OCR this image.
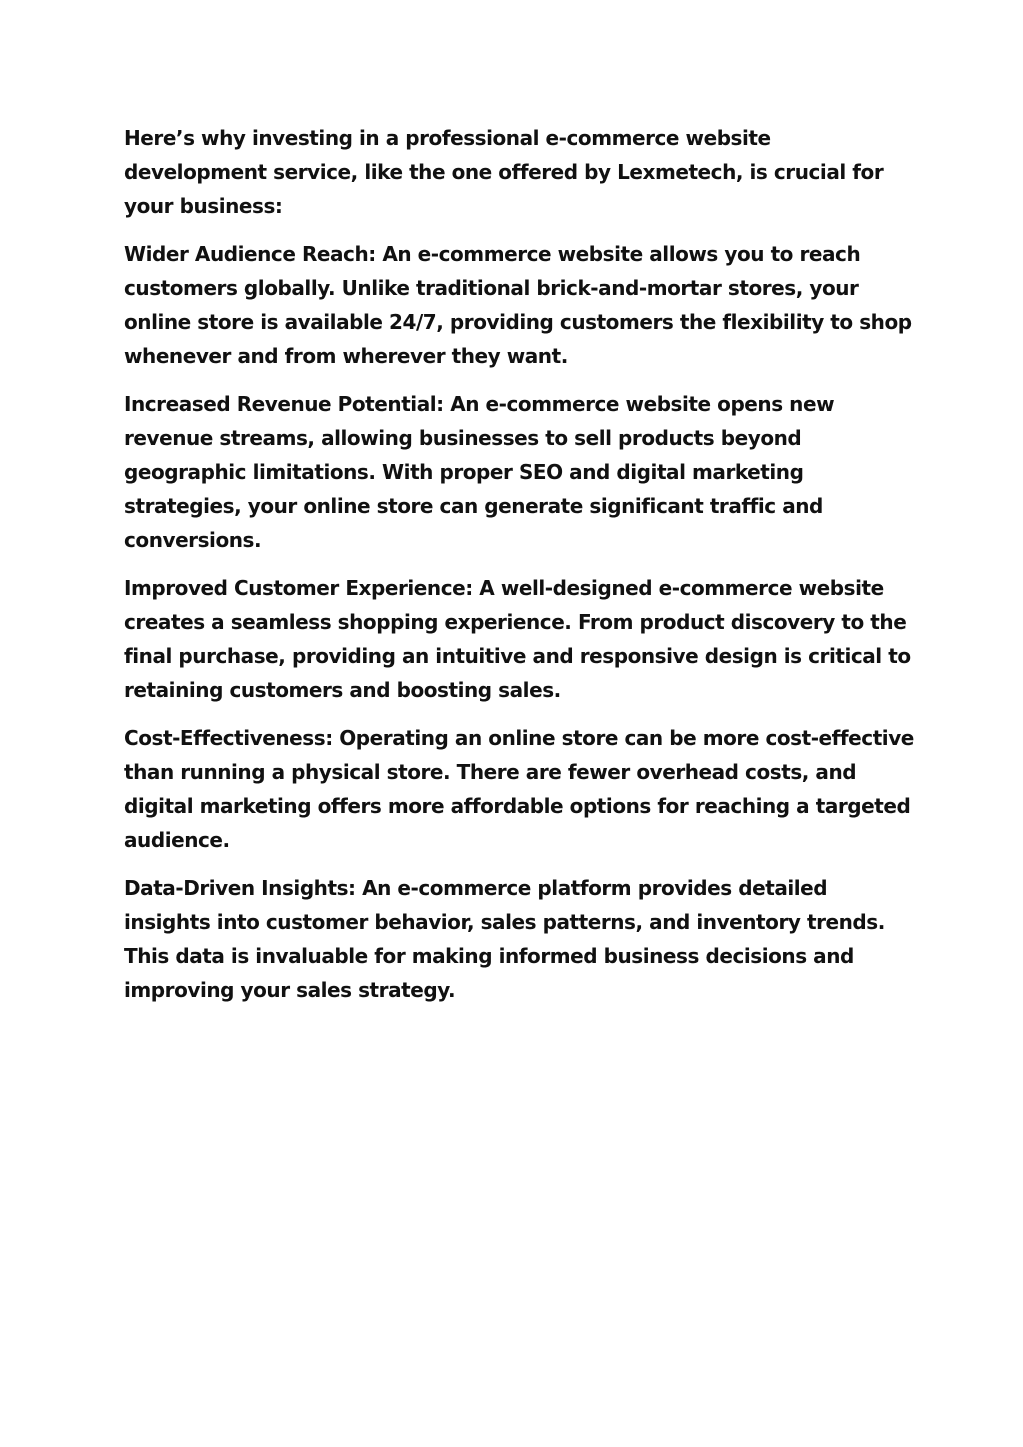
Here’s why investing in a professional e-commerce website development service, like the one offered by Lexmetech, is crucial for your business:

Wider Audience Reach: An e-commerce website allows you to reach customers globally. Unlike traditional brick-and-mortar stores, your online store is available 24/7, providing customers the flexibility to shop whenever and from wherever they want.

Increased Revenue Potential: An e-commerce website opens new revenue streams, allowing businesses to sell products beyond geographic limitations. With proper SEO and digital marketing strategies, your online store can generate significant traffic and conversions.

Improved Customer Experience: A well-designed e-commerce website creates a seamless shopping experience. From product discovery to the final purchase, providing an intuitive and responsive design is critical to retaining customers and boosting sales.

Cost-Effectiveness: Operating an online store can be more cost-effective than running a physical store. There are fewer overhead costs, and digital marketing offers more affordable options for reaching a targeted audience.

Data-Driven Insights: An e-commerce platform provides detailed insights into customer behavior, sales patterns, and inventory trends. This data is invaluable for making informed business decisions and improving your sales strategy.
